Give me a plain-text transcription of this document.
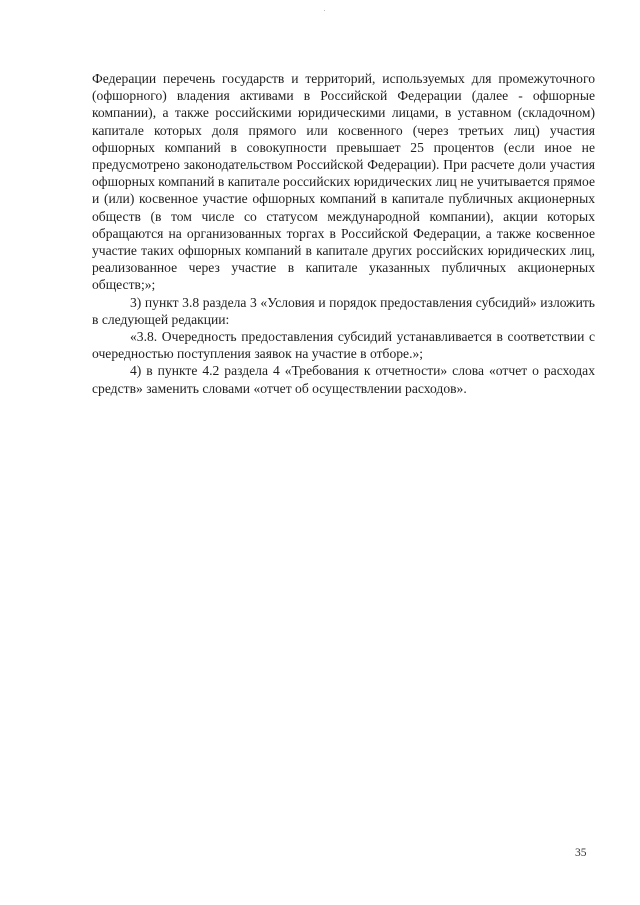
Федерации перечень государств и территорий, используемых для промежуточного (офшорного) владения активами в Российской Федерации (далее - офшорные компании), а также российскими юридическими лицами, в уставном (складочном) капитале которых доля прямого или косвенного (через третьих лиц) участия офшорных компаний в совокупности превышает 25 процентов (если иное не предусмотрено законодательством Российской Федерации). При расчете доли участия офшорных компаний в капитале российских юридических лиц не учитывается прямое и (или) косвенное участие офшорных компаний в капитале публичных акционерных обществ (в том числе со статусом международной компании), акции которых обращаются на организованных торгах в Российской Федерации, а также косвенное участие таких офшорных компаний в капитале других российских юридических лиц, реализованное через участие в капитале указанных публичных акционерных обществ;»;

3) пункт 3.8 раздела 3 «Условия и порядок предоставления субсидий» изложить в следующей редакции:

«3.8. Очередность предоставления субсидий устанавливается в соответствии с очередностью поступления заявок на участие в отборе.»;

4) в пункте 4.2 раздела 4 «Требования к отчетности» слова «отчет о расходах средств» заменить словами «отчет об осуществлении расходов».

35
